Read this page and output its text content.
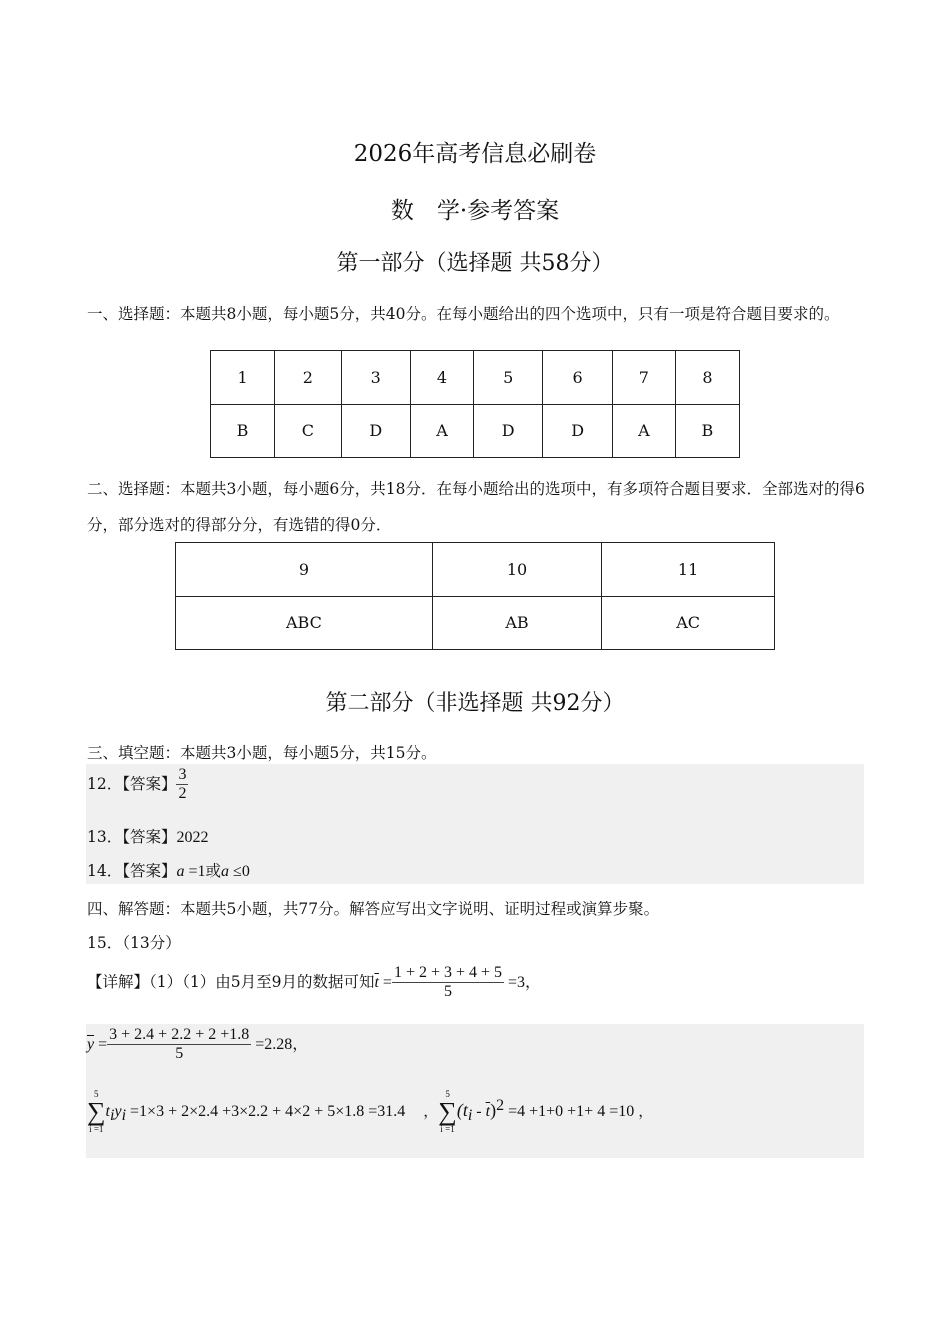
2026年高考信息必刷卷
数　学·参考答案
第一部分（选择题 共58分）
一、选择题：本题共8小题，每小题5分，共40分。在每小题给出的四个选项中，只有一项是符合题目要求的。
1	2	3	4	5	6	7	8
B	C	D	A	D	D	A	B
二、选择题：本题共3小题，每小题6分，共18分．在每小题给出的选项中，有多项符合题目要求．全部选对的得6分，部分选对的得部分分，有选错的得0分．
9	10	11
ABC	AB	AC
第二部分（非选择题 共92分）
三、填空题：本题共3小题，每小题5分，共15分。
12．【答案】 $\frac{3}{2}$
13．【答案】2022
14．【答案】a =1或a ≤0
四、解答题：本题共5小题，共77分。解答应写出文字说明、证明过程或演算步聚。
15．（13分）
【详解】（1）（1）由5月至9月的数据可知$\overline{t} = \frac{1 + 2 + 3 + 4 + 5}{5} =3$，
$\overline{y} = \frac{3 + 2.4 + 2.2 + 2 +1.8}{5} =2.28$，
5
∑
$i =1t_iy_i =1\times 3 + 2\times 2.4 +3\times 2.2 + 4\times 2 + 5\times 1.8 =31.4$ ，5
∑
$i =1(t_i - \overline{t})^2 =4 +1+0 +1+ 4 =10$ ，
